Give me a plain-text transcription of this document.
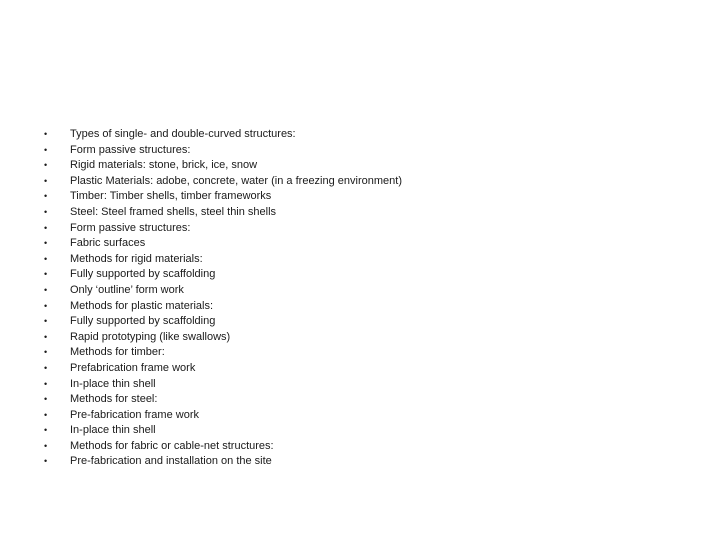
•	Types of single- and double-curved structures:
•	Form passive structures:
•	Rigid materials: stone, brick, ice, snow
•	Plastic Materials: adobe, concrete, water (in a freezing environment)
•	Timber: Timber shells, timber frameworks
•	Steel: Steel framed shells, steel thin shells
•	Form passive structures:
•	Fabric surfaces
•	Methods for rigid materials:
•	Fully supported by scaffolding
•	Only ‘outline’ form work
•	Methods for plastic materials:
•	Fully supported by scaffolding
•	Rapid prototyping (like swallows)
•	Methods for timber:
•	Prefabrication frame work
•	In-place thin shell
•	Methods for steel:
•	Pre-fabrication frame work
•	In-place thin shell
•	Methods for fabric or cable-net structures:
•	Pre-fabrication and installation on the site
